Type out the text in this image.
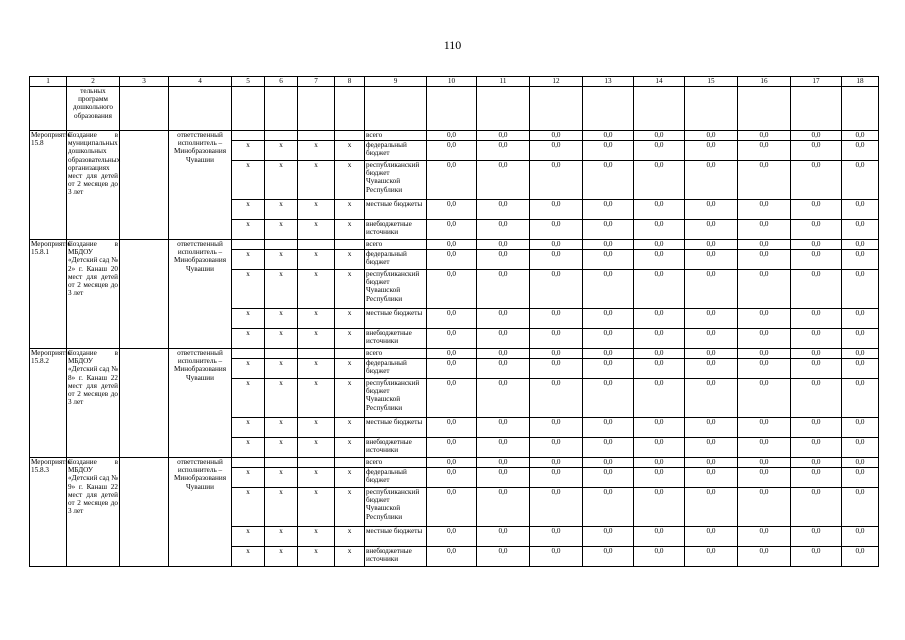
110
1	2	3	4	5	6	7	8	9	10	11	12	13	14	15	16	17	18
	тельных программ дошкольного образования																
Мероприятие 15.8	Создание в муниципальных дошкольных образовательных организациях мест для детей от 2 месяцев до 3 лет		ответственный исполнитель – Минобразования Чувашии					всего	0,0	0,0	0,0	0,0	0,0	0,0	0,0	0,0	0,0
				x	x	x	x	федеральный бюджет	0,0	0,0	0,0	0,0	0,0	0,0	0,0	0,0	0,0
				x	x	x	x	республиканский бюджет Чувашской Республики	0,0	0,0	0,0	0,0	0,0	0,0	0,0	0,0	0,0
				x	x	x	x	местные бюджеты	0,0	0,0	0,0	0,0	0,0	0,0	0,0	0,0	0,0
				x	x	x	x	внебюджетные источники	0,0	0,0	0,0	0,0	0,0	0,0	0,0	0,0	0,0
Мероприятие 15.8.1	Создание в МБДОУ «Детский сад № 2» г. Канаш 20 мест для детей от 2 месяцев до 3 лет		ответственный исполнитель – Минобразования Чувашии					всего	0,0	0,0	0,0	0,0	0,0	0,0	0,0	0,0	0,0
				x	x	x	x	федеральный бюджет	0,0	0,0	0,0	0,0	0,0	0,0	0,0	0,0	0,0
				x	x	x	x	республиканский бюджет Чувашской Республики	0,0	0,0	0,0	0,0	0,0	0,0	0,0	0,0	0,0
				x	x	x	x	местные бюджеты	0,0	0,0	0,0	0,0	0,0	0,0	0,0	0,0	0,0
				x	x	x	x	внебюджетные источники	0,0	0,0	0,0	0,0	0,0	0,0	0,0	0,0	0,0
Мероприятие 15.8.2	Создание в МБДОУ «Детский сад № 8» г. Канаш 22 мест для детей от 2 месяцев до 3 лет		ответственный исполнитель – Минобразования Чувашии					всего	0,0	0,0	0,0	0,0	0,0	0,0	0,0	0,0	0,0
				x	x	x	x	федеральный бюджет	0,0	0,0	0,0	0,0	0,0	0,0	0,0	0,0	0,0
				x	x	x	x	республиканский бюджет Чувашской Республики	0,0	0,0	0,0	0,0	0,0	0,0	0,0	0,0	0,0
				x	x	x	x	местные бюджеты	0,0	0,0	0,0	0,0	0,0	0,0	0,0	0,0	0,0
				x	x	x	x	внебюджетные источники	0,0	0,0	0,0	0,0	0,0	0,0	0,0	0,0	0,0
Мероприятие 15.8.3	Создание в МБДОУ «Детский сад № 9» г. Канаш 22 мест для детей от 2 месяцев до 3 лет		ответственный исполнитель – Минобразования Чувашии					всего	0,0	0,0	0,0	0,0	0,0	0,0	0,0	0,0	0,0
				x	x	x	x	федеральный бюджет	0,0	0,0	0,0	0,0	0,0	0,0	0,0	0,0	0,0
				x	x	x	x	республиканский бюджет Чувашской Республики	0,0	0,0	0,0	0,0	0,0	0,0	0,0	0,0	0,0
				x	x	x	x	местные бюджеты	0,0	0,0	0,0	0,0	0,0	0,0	0,0	0,0	0,0
				x	x	x	x	внебюджетные источники	0,0	0,0	0,0	0,0	0,0	0,0	0,0	0,0	0,0
